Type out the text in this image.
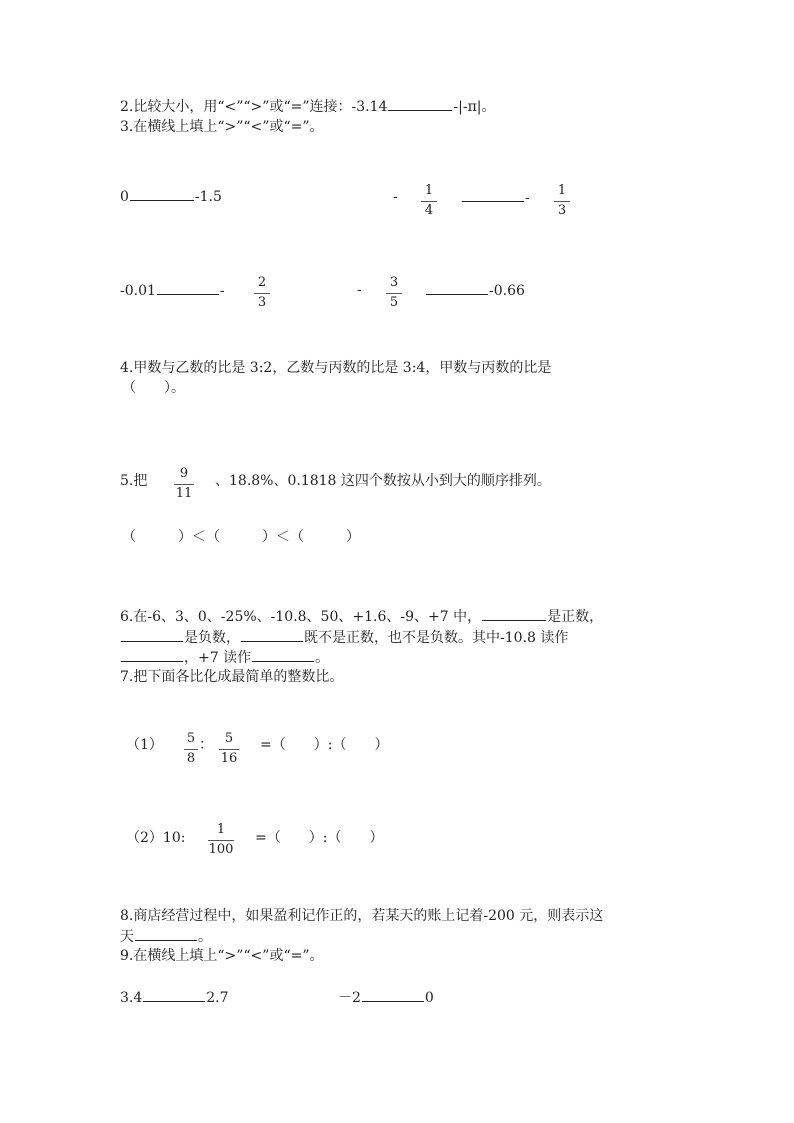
2.比较大小，用“<”“>”或“=”连接：-3.14	-|-π|。
3.在横线上填上“>”“<”或“=”。
0	-1.5	- 1
4
- 1
3
-0.01	-
2
3
- 3
5
-0.66
4.甲数与乙数的比是 3:2，乙数与丙数的比是 3:4，甲数与丙数的比是
（　　）。
5.把	9
11
、18.8%、0.1818 这四个数按从小到大的顺序排列。
（　　　）＜（　　　）＜（　　　）
6.在-6、3、0、-25%、-10.8、50、+1.6、-9、+7 中，	是正数，
是负数，	既不是正数，也不是负数。其中-10.8 读作
，+7 读作	。
7.把下面各比化成最简单的整数比。
（1） 5
8
： 5
16
=（　　）:（　　）
（2）10:
1
100
=（　　）:（　　）
8.商店经营过程中，如果盈利记作正的，若某天的账上记着-200 元，则表示这
天	。
9.在横线上填上“>”“<”或“=”。
3.4	2.7	－2	0
